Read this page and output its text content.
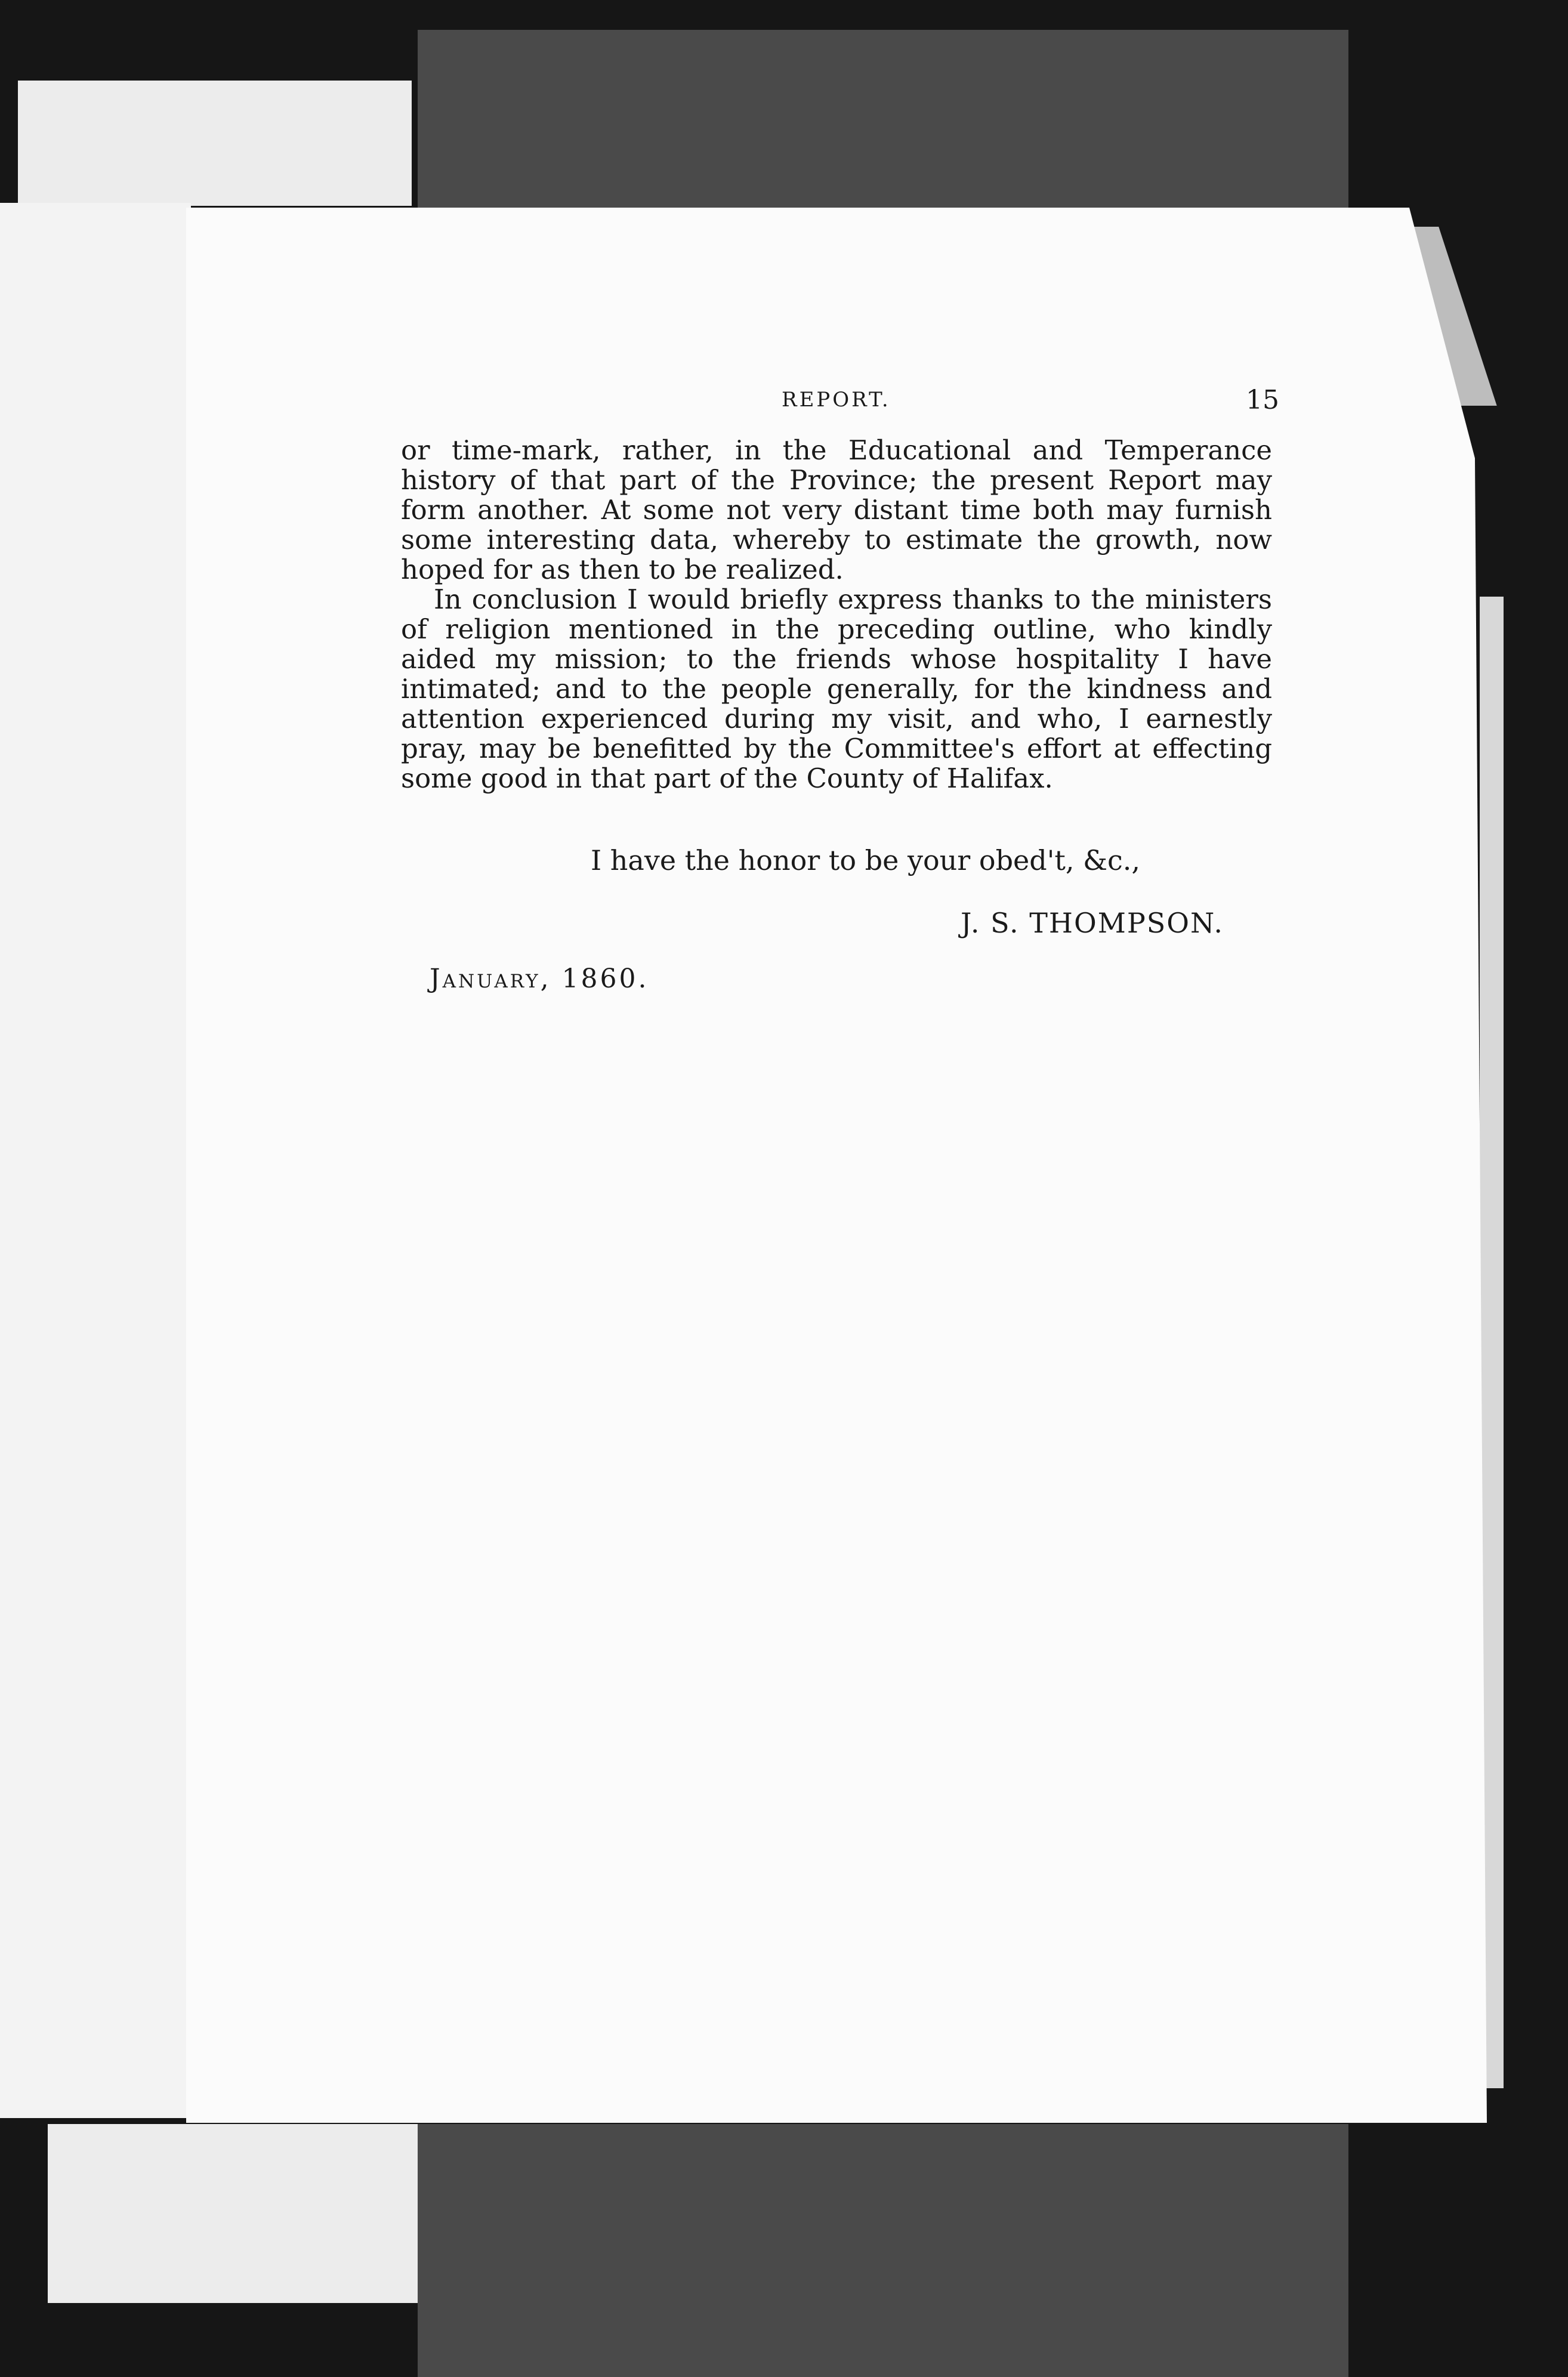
REPORT.	15

or time-mark, rather, in the Educational and Temperance history of that part of the Province; the present Report may form another. At some not very distant time both may furnish some interesting data, whereby to estimate the growth, now hoped for as then to be realized.

In conclusion I would briefly express thanks to the ministers of religion mentioned in the preceding outline, who kindly aided my mission; to the friends whose hospitality I have intimated; and to the people generally, for the kindness and attention experienced during my visit, and who, I earnestly pray, may be benefitted by the Committee's effort at effecting some good in that part of the County of Halifax.

I have the honor to be your obed't, &c.,
J. S. THOMPSON.
January, 1860.
